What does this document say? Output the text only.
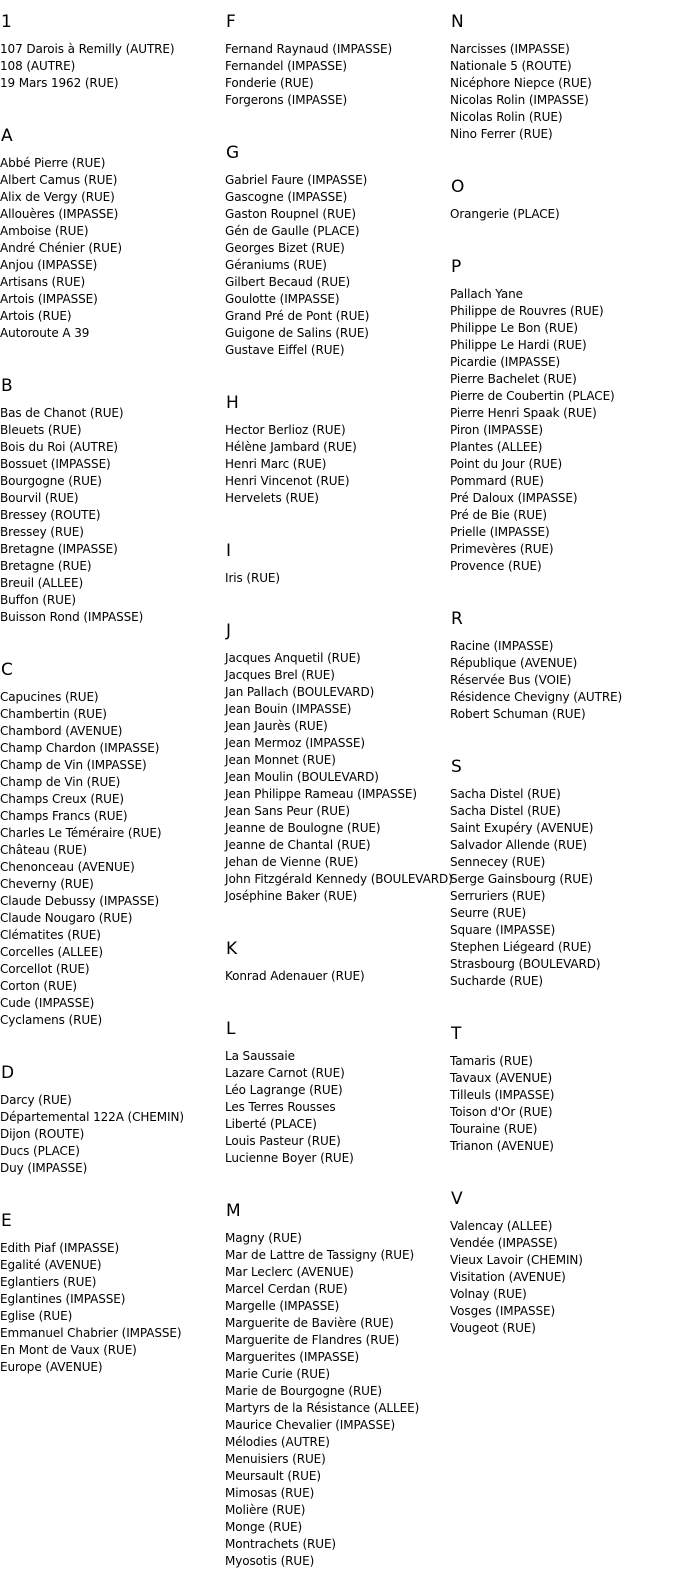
1
107 Darois à Remilly (AUTRE)
108 (AUTRE)
19 Mars 1962 (RUE)
A
Abbé Pierre (RUE)
Albert Camus (RUE)
Alix de Vergy (RUE)
Allouères (IMPASSE)
Amboise (RUE)
André Chénier (RUE)
Anjou (IMPASSE)
Artisans (RUE)
Artois (IMPASSE)
Artois (RUE)
Autoroute A 39
B
Bas de Chanot (RUE)
Bleuets (RUE)
Bois du Roi (AUTRE)
Bossuet (IMPASSE)
Bourgogne (RUE)
Bourvil (RUE)
Bressey (ROUTE)
Bressey (RUE)
Bretagne (IMPASSE)
Bretagne (RUE)
Breuil (ALLEE)
Buffon (RUE)
Buisson Rond (IMPASSE)
C
Capucines (RUE)
Chambertin (RUE)
Chambord (AVENUE)
Champ Chardon (IMPASSE)
Champ de Vin (IMPASSE)
Champ de Vin (RUE)
Champs Creux (RUE)
Champs Francs (RUE)
Charles Le Téméraire (RUE)
Château (RUE)
Chenonceau (AVENUE)
Cheverny (RUE)
Claude Debussy (IMPASSE)
Claude Nougaro (RUE)
Clématites (RUE)
Corcelles (ALLEE)
Corcellot (RUE)
Corton (RUE)
Cude (IMPASSE)
Cyclamens (RUE)
D
Darcy (RUE)
Départemental 122A (CHEMIN)
Dijon (ROUTE)
Ducs (PLACE)
Duy (IMPASSE)
E
Edith Piaf (IMPASSE)
Egalité (AVENUE)
Eglantiers (RUE)
Eglantines (IMPASSE)
Eglise (RUE)
Emmanuel Chabrier (IMPASSE)
En Mont de Vaux (RUE)
Europe (AVENUE)
F
Fernand Raynaud (IMPASSE)
Fernandel (IMPASSE)
Fonderie (RUE)
Forgerons (IMPASSE)
G
Gabriel Faure (IMPASSE)
Gascogne (IMPASSE)
Gaston Roupnel (RUE)
Gén de Gaulle (PLACE)
Georges Bizet (RUE)
Géraniums (RUE)
Gilbert Becaud (RUE)
Goulotte (IMPASSE)
Grand Pré de Pont (RUE)
Guigone de Salins (RUE)
Gustave Eiffel (RUE)
H
Hector Berlioz (RUE)
Hélène Jambard (RUE)
Henri Marc (RUE)
Henri Vincenot (RUE)
Hervelets (RUE)
I
Iris (RUE)
J
Jacques Anquetil (RUE)
Jacques Brel (RUE)
Jan Pallach (BOULEVARD)
Jean Bouin (IMPASSE)
Jean Jaurès (RUE)
Jean Mermoz (IMPASSE)
Jean Monnet (RUE)
Jean Moulin (BOULEVARD)
Jean Philippe Rameau (IMPASSE)
Jean Sans Peur (RUE)
Jeanne de Boulogne (RUE)
Jeanne de Chantal (RUE)
Jehan de Vienne (RUE)
John Fitzgérald Kennedy (BOULEVARD)
Joséphine Baker (RUE)
K
Konrad Adenauer (RUE)
L
La Saussaie
Lazare Carnot (RUE)
Léo Lagrange (RUE)
Les Terres Rousses
Liberté (PLACE)
Louis Pasteur (RUE)
Lucienne Boyer (RUE)
M
Magny (RUE)
Mar de Lattre de Tassigny (RUE)
Mar Leclerc (AVENUE)
Marcel Cerdan (RUE)
Margelle (IMPASSE)
Marguerite de Bavière (RUE)
Marguerite de Flandres (RUE)
Marguerites (IMPASSE)
Marie Curie (RUE)
Marie de Bourgogne (RUE)
Martyrs de la Résistance (ALLEE)
Maurice Chevalier (IMPASSE)
Mélodies (AUTRE)
Menuisiers (RUE)
Meursault (RUE)
Mimosas (RUE)
Molière (RUE)
Monge (RUE)
Montrachets (RUE)
Myosotis (RUE)
N
Narcisses (IMPASSE)
Nationale 5 (ROUTE)
Nicéphore Niepce (RUE)
Nicolas Rolin (IMPASSE)
Nicolas Rolin (RUE)
Nino Ferrer (RUE)
O
Orangerie (PLACE)
P
Pallach Yane
Philippe de Rouvres (RUE)
Philippe Le Bon (RUE)
Philippe Le Hardi (RUE)
Picardie (IMPASSE)
Pierre Bachelet (RUE)
Pierre de Coubertin (PLACE)
Pierre Henri Spaak (RUE)
Piron (IMPASSE)
Plantes (ALLEE)
Point du Jour (RUE)
Pommard (RUE)
Pré Daloux (IMPASSE)
Pré de Bie (RUE)
Prielle (IMPASSE)
Primevères (RUE)
Provence (RUE)
R
Racine (IMPASSE)
République (AVENUE)
Réservée Bus (VOIE)
Résidence Chevigny (AUTRE)
Robert Schuman (RUE)
S
Sacha Distel (RUE)
Sacha Distel (RUE)
Saint Exupéry (AVENUE)
Salvador Allende (RUE)
Sennecey (RUE)
Serge Gainsbourg (RUE)
Serruriers (RUE)
Seurre (RUE)
Square (IMPASSE)
Stephen Liégeard (RUE)
Strasbourg (BOULEVARD)
Sucharde (RUE)
T
Tamaris (RUE)
Tavaux (AVENUE)
Tilleuls (IMPASSE)
Toison d'Or (RUE)
Touraine (RUE)
Trianon (AVENUE)
V
Valencay (ALLEE)
Vendée (IMPASSE)
Vieux Lavoir (CHEMIN)
Visitation (AVENUE)
Volnay (RUE)
Vosges (IMPASSE)
Vougeot (RUE)
